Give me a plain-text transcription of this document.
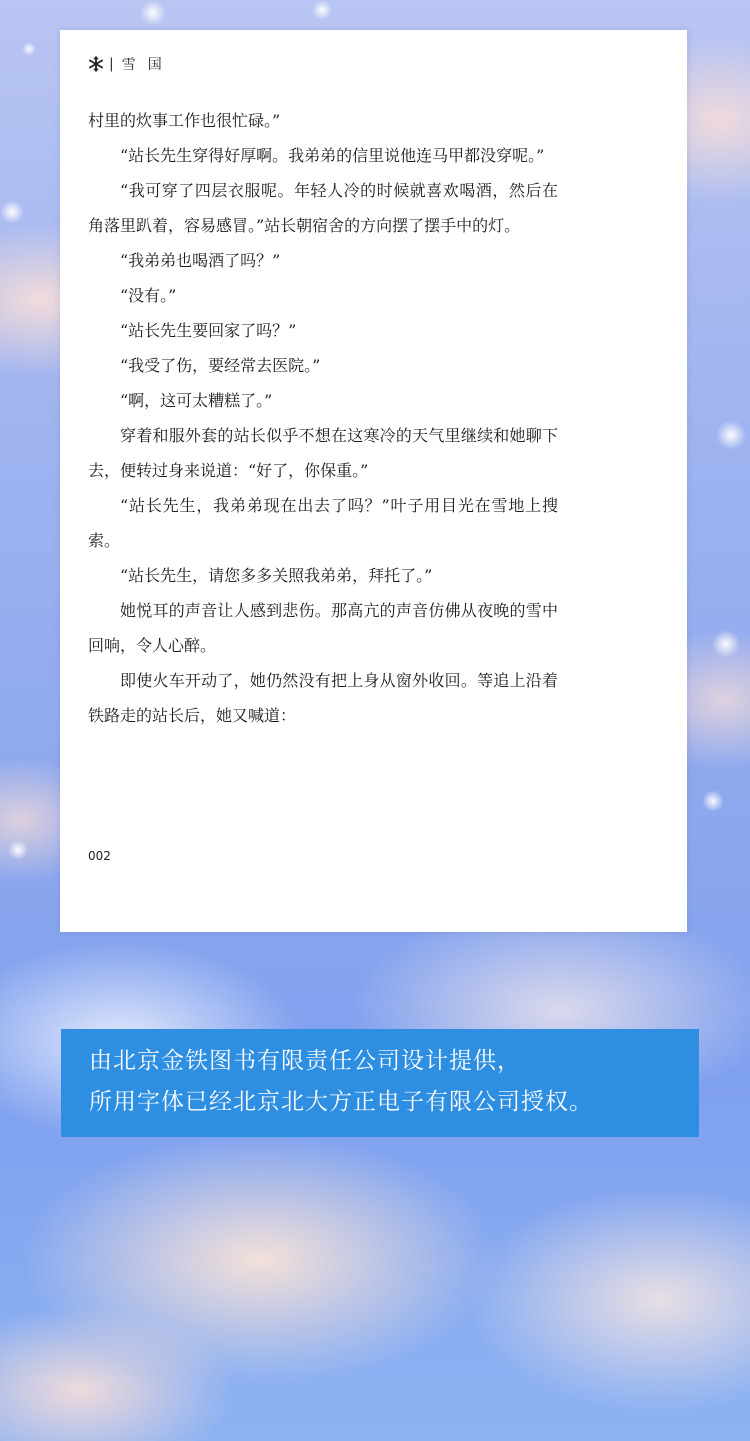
| 雪国

村里的炊事工作也很忙碌。”

“站长先生穿得好厚啊。我弟弟的信里说他连马甲都没穿呢。”

“我可穿了四层衣服呢。年轻人冷的时候就喜欢喝酒，然后在角落里趴着，容易感冒。”站长朝宿舍的方向摆了摆手中的灯。

“我弟弟也喝酒了吗？”

“没有。”

“站长先生要回家了吗？”

“我受了伤，要经常去医院。”

“啊，这可太糟糕了。”

穿着和服外套的站长似乎不想在这寒冷的天气里继续和她聊下去，便转过身来说道：“好了，你保重。”

“站长先生，我弟弟现在出去了吗？”叶子用目光在雪地上搜索。

“站长先生，请您多多关照我弟弟，拜托了。”

她悦耳的声音让人感到悲伤。那高亢的声音仿佛从夜晚的雪中回响，令人心醉。

即使火车开动了，她仍然没有把上身从窗外收回。等追上沿着铁路走的站长后，她又喊道：

002

由北京金铁图书有限责任公司设计提供，

所用字体已经北京北大方正电子有限公司授权。
